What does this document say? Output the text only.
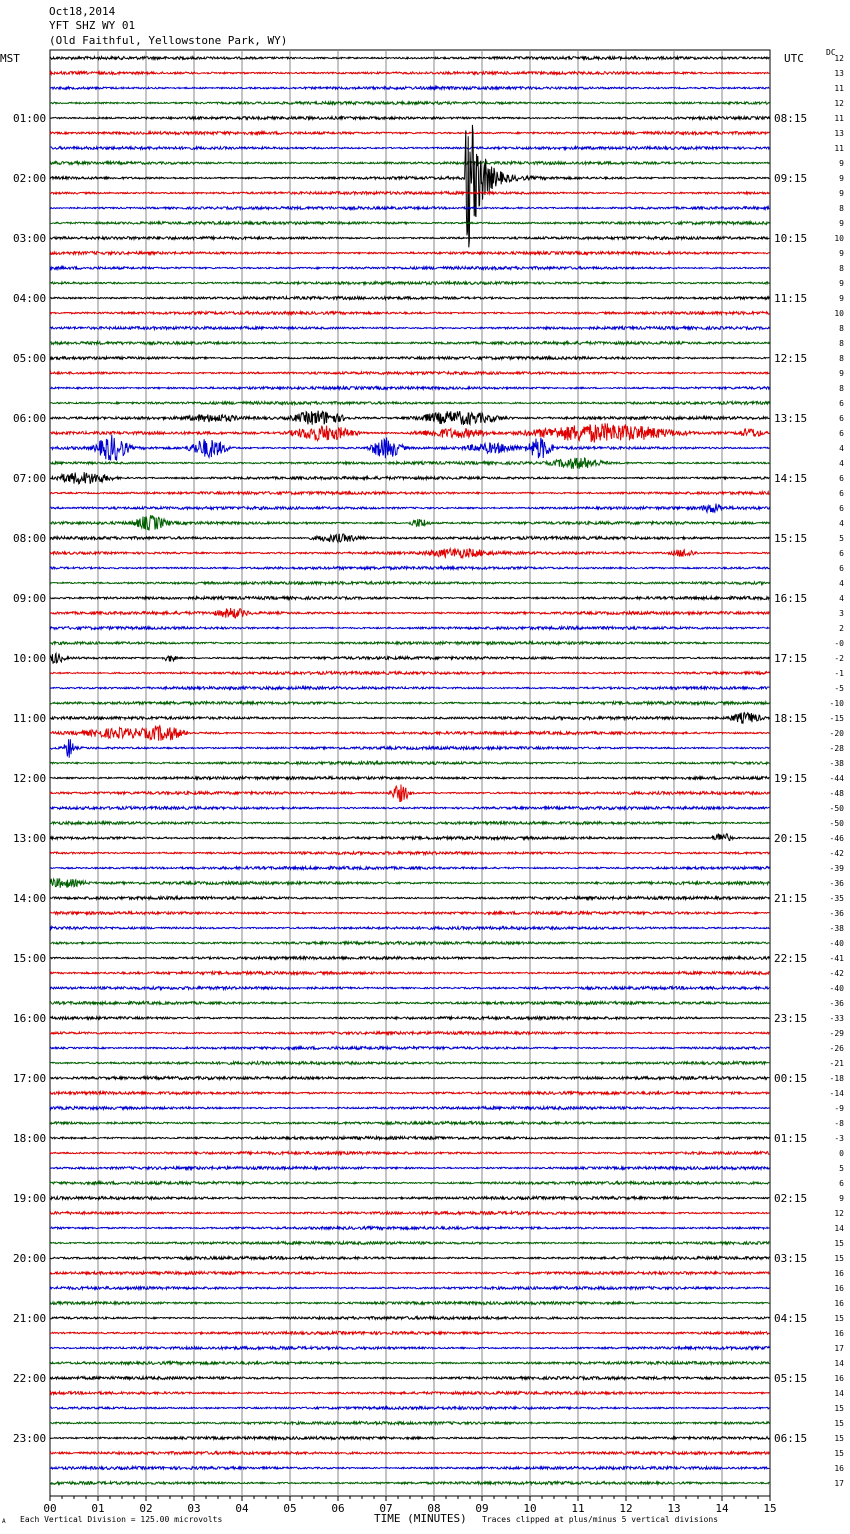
Oct18,2014
YFT SHZ WY 01
(Old Faithful, Yellowstone Park, WY)
MST	UTC	DC
00	01	02	03	04	05	06	07	08	09	10	11	12	13	14	15
12
13
11
12
11
13
11
9
9
9
8
9
10
9
8
9
9
10
8
8
8
9
8
6
6
6
4
4
6
6
6
4
5
6
6
4
4
3
2
-0
-2
-1
-5
-10
-15
-20
-28
-38
-44
-48
-50
-50
-46
-42
-39
-36
-35
-36
-38
-40
-41
-42
-40
-36
-33
-29
-26
-21
-18
-14
-9
-8
-3
0
5
6
9
12
14
15
15
16
16
16
15
16
17
14
16
14
15
15
15
15
16
17
01:00	08:15
02:00	09:15
03:00	10:15
04:00	11:15
05:00	12:15
06:00	13:15
07:00	14:15
08:00	15:15
09:00	16:15
10:00	17:15
11:00	18:15
12:00	19:15
13:00	20:15
14:00	21:15
15:00	22:15
16:00	23:15
17:00	00:15
18:00	01:15
19:00	02:15
20:00	03:15
21:00	04:15
22:00	05:15
23:00	06:15
A Each Vertical Division = 125.00 microvolts	TIME (MINUTES) Traces clipped at plus/minus 5 vertical divisions
